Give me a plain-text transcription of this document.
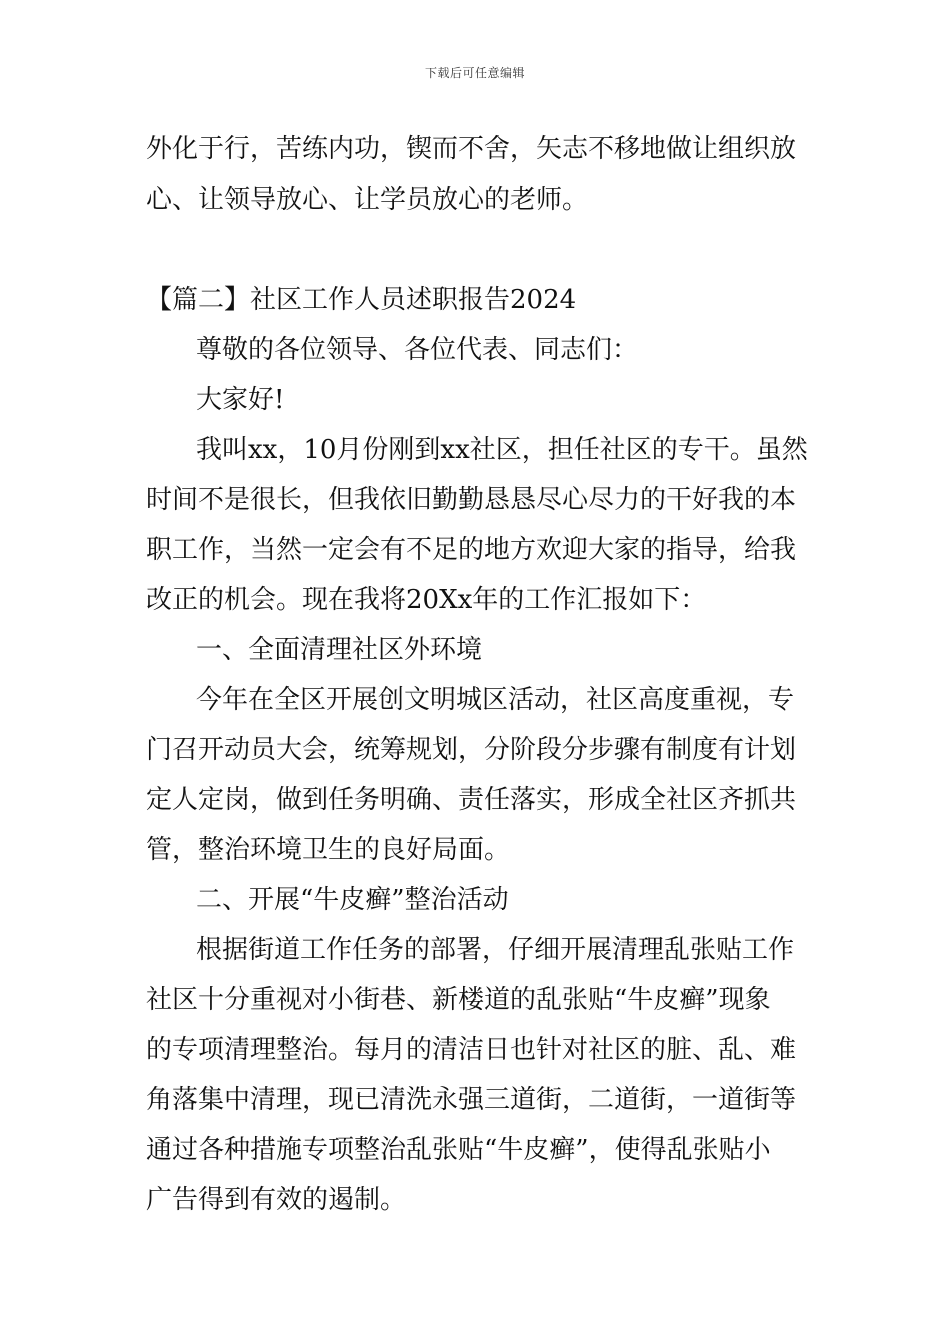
下载后可任意编辑
外化于行，苦练内功，锲而不舍，矢志不移地做让组织放
心、让领导放心、让学员放心的老师。
【篇二】社区工作人员述职报告2024
尊敬的各位领导、各位代表、同志们：
大家好!
我叫xx，10月份刚到xx社区，担任社区的专干。虽然
时间不是很长，但我依旧勤勤恳恳尽心尽力的干好我的本
职工作，当然一定会有不足的地方欢迎大家的指导，给我
改正的机会。现在我将20Xx年的工作汇报如下：
一、全面清理社区外环境
今年在全区开展创文明城区活动，社区高度重视，专
门召开动员大会，统筹规划，分阶段分步骤有制度有计划
定人定岗，做到任务明确、责任落实，形成全社区齐抓共
管，整治环境卫生的良好局面。
二、开展“牛皮癣”整治活动
根据街道工作任务的部署，仔细开展清理乱张贴工作
社区十分重视对小街巷、新楼道的乱张贴“牛皮癣”现象
的专项清理整治。每月的清洁日也针对社区的脏、乱、难
角落集中清理，现已清洗永强三道街，二道街，一道街等
通过各种措施专项整治乱张贴“牛皮癣”，使得乱张贴小
广告得到有效的遏制。
